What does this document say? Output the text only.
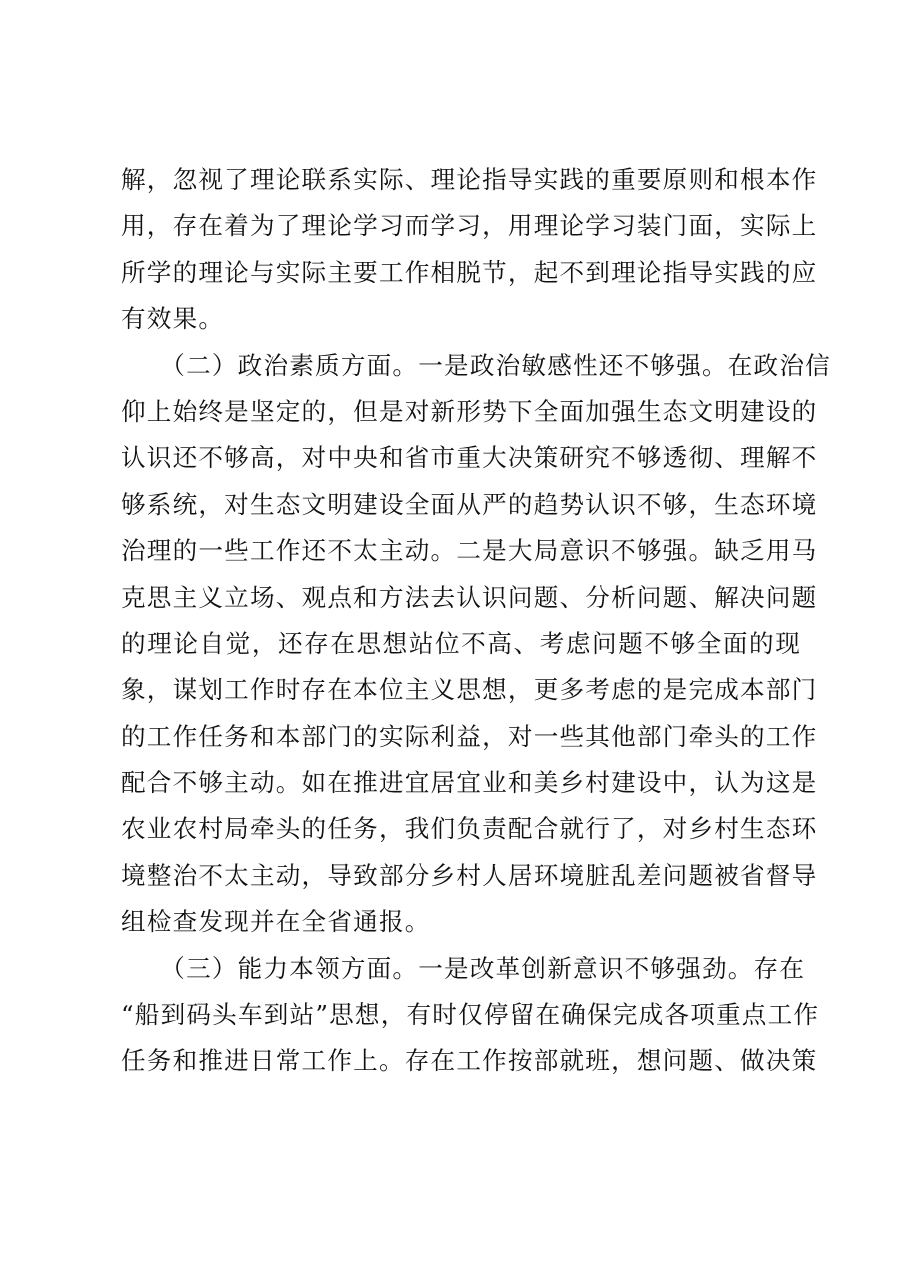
解，忽视了理论联系实际、理论指导实践的重要原则和根本作
用，存在着为了理论学习而学习，用理论学习装门面，实际上
所学的理论与实际主要工作相脱节，起不到理论指导实践的应
有效果。
　　（二）政治素质方面。一是政治敏感性还不够强。在政治信
仰上始终是坚定的，但是对新形势下全面加强生态文明建设的
认识还不够高，对中央和省市重大决策研究不够透彻、理解不
够系统，对生态文明建设全面从严的趋势认识不够，生态环境
治理的一些工作还不太主动。二是大局意识不够强。缺乏用马
克思主义立场、观点和方法去认识问题、分析问题、解决问题
的理论自觉，还存在思想站位不高、考虑问题不够全面的现
象，谋划工作时存在本位主义思想，更多考虑的是完成本部门
的工作任务和本部门的实际利益，对一些其他部门牵头的工作
配合不够主动。如在推进宜居宜业和美乡村建设中，认为这是
农业农村局牵头的任务，我们负责配合就行了，对乡村生态环
境整治不太主动，导致部分乡村人居环境脏乱差问题被省督导
组检查发现并在全省通报。
　　（三）能力本领方面。一是改革创新意识不够强劲。存在
“船到码头车到站”思想，有时仅停留在确保完成各项重点工作
任务和推进日常工作上。存在工作按部就班，想问题、做决策
